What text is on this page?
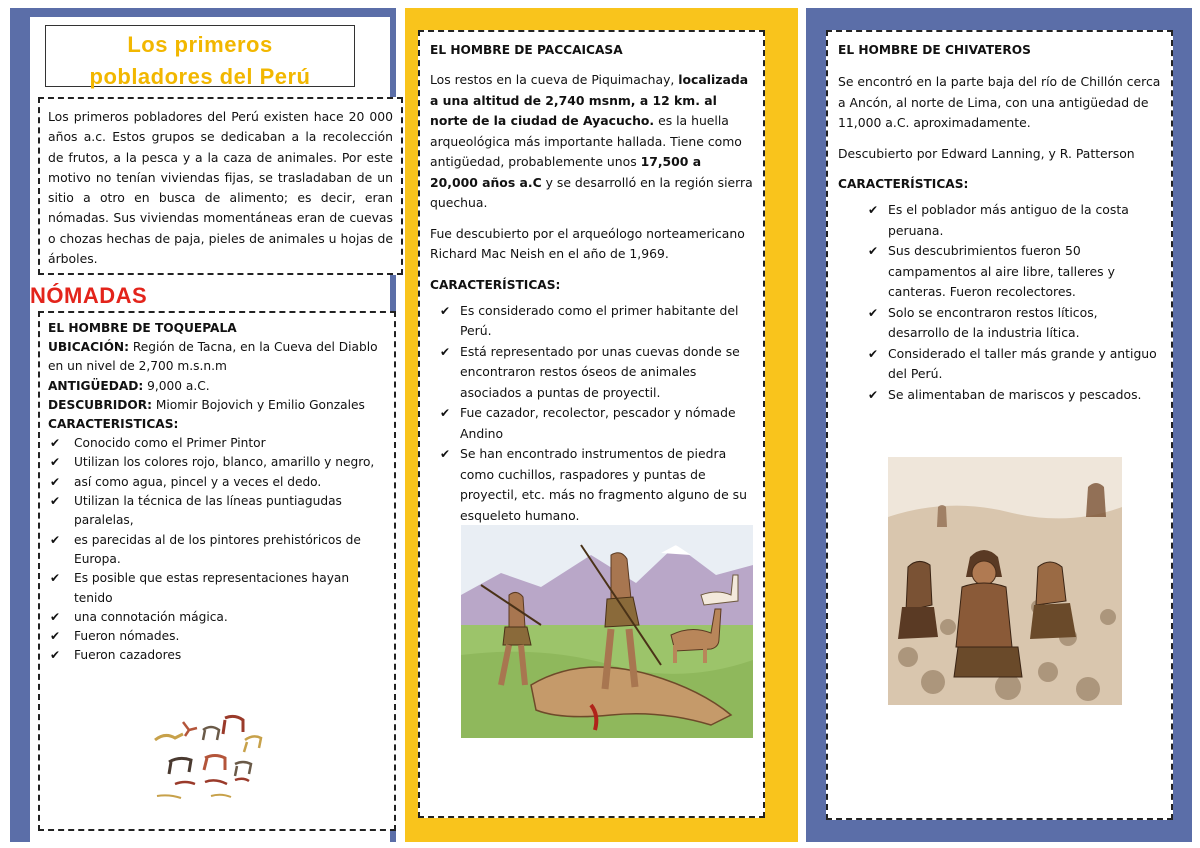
Los primeros
pobladores del Perú

Los primeros pobladores del Perú existen hace 20 000 años a.c. Estos grupos se dedicaban a la recolección de frutos, a la pesca y a la caza de animales. Por este motivo no tenían viviendas fijas, se trasladaban de un sitio a otro en busca de alimento; es decir, eran nómadas. Sus viviendas momentáneas eran de cuevas o chozas hechas de paja, pieles de animales u hojas de árboles.

NÓMADAS
EL HOMBRE DE TOQUEPALA
UBICACIÓN: Región de Tacna, en la Cueva del Diablo
en un nivel de 2,700 m.s.n.m
ANTIGÜEDAD: 9,000 a.C.
DESCUBRIDOR: Miomir Bojovich y Emilio Gonzales
CARACTERISTICAS:
✔ Conocido como el Primer Pintor
✔ Utilizan los colores rojo, blanco, amarillo y negro,
✔ así como agua, pincel y a veces el dedo.
✔ Utilizan la técnica de las líneas puntiagudas paralelas,
✔ es parecidas al de los pintores prehistóricos de Europa.
✔ Es posible que estas representaciones hayan tenido
✔ una connotación mágica.
✔ Fueron nómades.
✔ Fueron cazadores
EL HOMBRE DE PACCAICASA

Los restos en la cueva de Piquimachay, localizada a una altitud de 2,740 msnm, a 12 km. al norte de la ciudad de Ayacucho. es la huella arqueológica más importante hallada. Tiene como antigüedad, probablemente unos 17,500 a 20,000 años a.C y se desarrolló en la región sierra quechua.

Fue descubierto por el arqueólogo norteamericano Richard Mac Neish en el año de 1,969.

CARACTERÍSTICAS:
✔ Es considerado como el primer habitante del Perú.
✔ Está representado por unas cuevas donde se encontraron restos óseos de animales asociados a puntas de proyectil.
✔ Fue cazador, recolector, pescador y nómade Andino
✔ Se han encontrado instrumentos de piedra como cuchillos, raspadores y puntas de proyectil, etc. más no fragmento alguno de su esqueleto humano.
EL HOMBRE DE CHIVATEROS

Se encontró en la parte baja del río de Chillón cerca a Ancón, al norte de Lima, con una antigüedad de 11,000 a.C. aproximadamente.

Descubierto por Edward Lanning, y R. Patterson

CARACTERÍSTICAS:
✔ Es el poblador más antiguo de la costa peruana.
✔ Sus descubrimientos fueron 50 campamentos al aire libre, talleres y canteras. Fueron recolectores.
✔ Solo se encontraron restos líticos, desarrollo de la industria lítica.
✔ Considerado el taller más grande y antiguo del Perú.
✔ Se alimentaban de mariscos y pescados.
